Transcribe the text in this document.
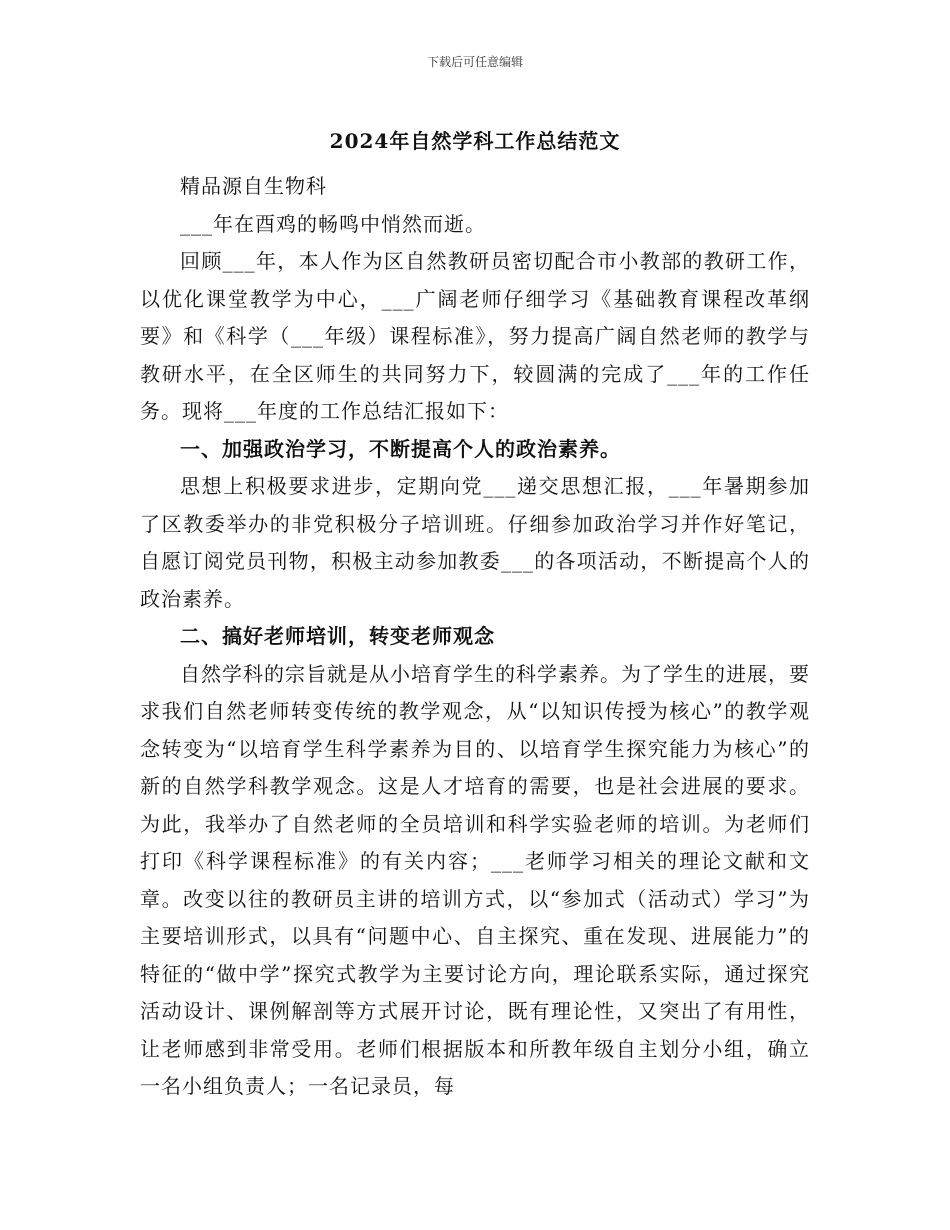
下载后可任意编辑
2024年自然学科工作总结范文

精品源自生物科

___年在酉鸡的畅鸣中悄然而逝。

回顾___年，本人作为区自然教研员密切配合市小教部的教研工作，以优化课堂教学为中心，___广阔老师仔细学习《基础教育课程改革纲要》和《科学（___年级）课程标准》，努力提高广阔自然老师的教学与教研水平，在全区师生的共同努力下，较圆满的完成了___年的工作任务。现将___年度的工作总结汇报如下：

一、加强政治学习，不断提高个人的政治素养。

思想上积极要求进步，定期向党___递交思想汇报，___年暑期参加了区教委举办的非党积极分子培训班。仔细参加政治学习并作好笔记，自愿订阅党员刊物，积极主动参加教委___的各项活动，不断提高个人的政治素养。

二、搞好老师培训，转变老师观念

自然学科的宗旨就是从小培育学生的科学素养。为了学生的进展，要求我们自然老师转变传统的教学观念，从“以知识传授为核心”的教学观念转变为“以培育学生科学素养为目的、以培育学生探究能力为核心”的新的自然学科教学观念。这是人才培育的需要，也是社会进展的要求。为此，我举办了自然老师的全员培训和科学实验老师的培训。为老师们打印《科学课程标准》的有关内容；___老师学习相关的理论文献和文章。改变以往的教研员主讲的培训方式，以“参加式（活动式）学习”为主要培训形式，以具有“问题中心、自主探究、重在发现、进展能力”的特征的“做中学”探究式教学为主要讨论方向，理论联系实际，通过探究活动设计、课例解剖等方式展开讨论，既有理论性，又突出了有用性，让老师感到非常受用。老师们根据版本和所教年级自主划分小组，确立一名小组负责人；一名记录员，每
